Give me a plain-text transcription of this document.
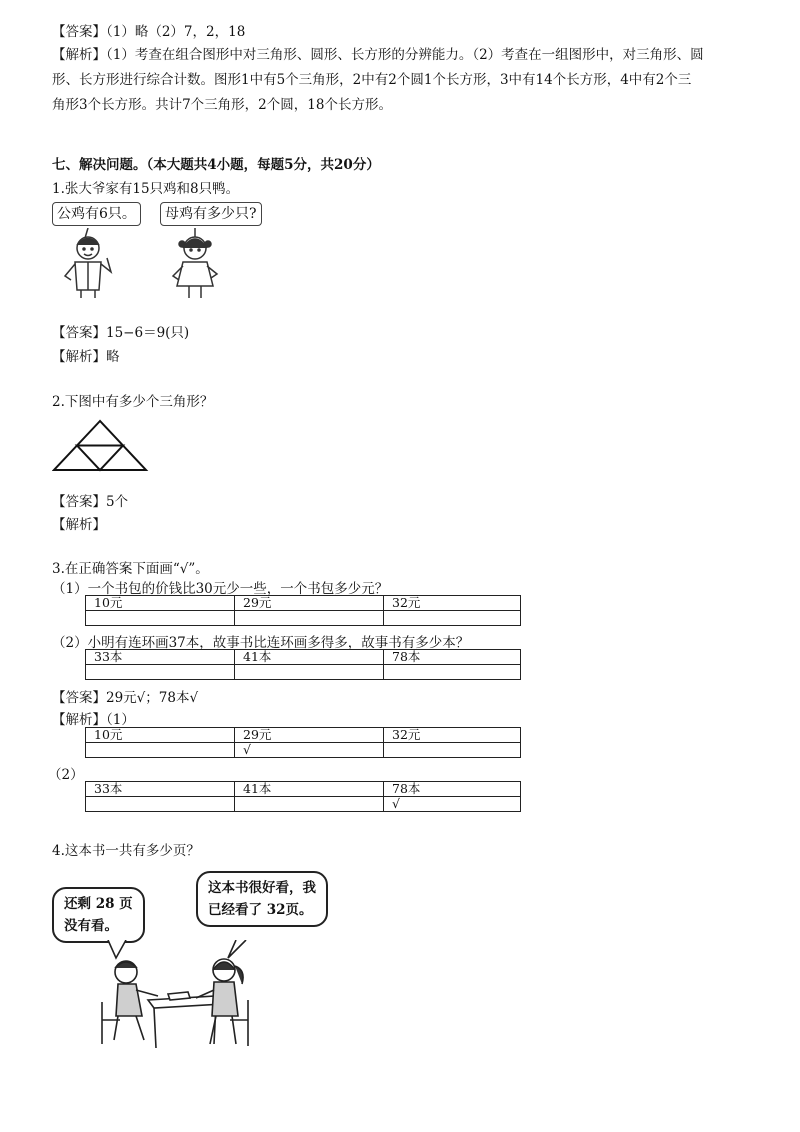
【答案】（1）略（2）7，2，18
【解析】（1）考查在组合图形中对三角形、圆形、长方形的分辨能力。（2）考查在一组图形中，对三角形、圆
形、长方形进行综合计数。图形1中有5个三角形，2中有2个圆1个长方形，3中有14个长方形，4中有2个三
角形3个长方形。共计7个三角形，2个圆，18个长方形。
七、解决问题。（本大题共4小题，每题5分，共20分）
1.张大爷家有15只鸡和8只鸭。
公鸡有6只。	母鸡有多少只?
【答案】15−6＝9(只)
【解析】略
2.下图中有多少个三角形？
【答案】5个
【解析】
3.在正确答案下面画“√”。
（1）一个书包的价钱比30元少一些，一个书包多少元？
10元	29元	32元

（2）小明有连环画37本，故事书比连环画多得多，故事书有多少本？
33本	41本	78本

【答案】29元√；78本√
【解析】（1）
10元	29元	32元
	√	
（2）
33本	41本	78本
		√
4.这本书一共有多少页？
还剩 28 页
没有看。
这本书很好看，我
已经看了 32页。
